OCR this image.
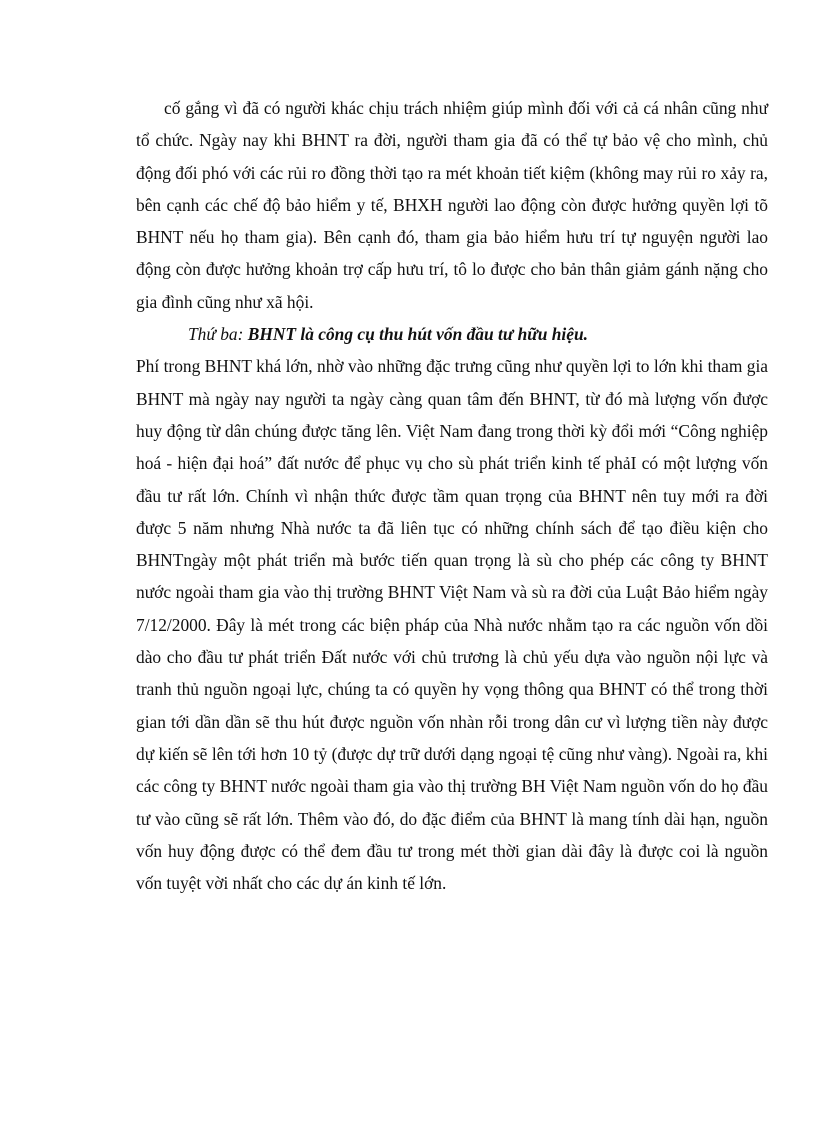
cố gắng vì đã có người khác chịu trách nhiệm giúp mình đối với cả cá nhân cũng như tổ chức. Ngày nay khi BHNT ra đời, người tham gia đã có thể tự bảo vệ cho mình, chủ động đối phó với các rủi ro đồng thời tạo ra mét khoản tiết kiệm (không may rủi ro xảy ra, bên cạnh các chế độ bảo hiểm y tế, BHXH người lao động còn được hưởng quyền lợi tõ BHNT nếu họ tham gia). Bên cạnh đó, tham gia bảo hiểm hưu trí tự nguyện người lao động còn được hưởng khoản trợ cấp hưu trí, tô lo được cho bản thân giảm gánh nặng cho gia đình cũng như xã hội.

Thứ ba: BHNT là công cụ thu hút vốn đầu tư hữu hiệu.

Phí trong BHNT khá lớn, nhờ vào những đặc trưng cũng như quyền lợi to lớn khi tham gia BHNT mà ngày nay người ta ngày càng quan tâm đến BHNT, từ đó mà lượng vốn được huy động từ dân chúng được tăng lên. Việt Nam đang trong thời kỳ đổi mới “Công nghiệp hoá - hiện đại hoá” đất nước để phục vụ cho sù phát triển kinh tế phảI có một lượng vốn đầu tư rất lớn. Chính vì nhận thức được tầm quan trọng của BHNT nên tuy mới ra đời được 5 năm nhưng Nhà nước ta đã liên tục có những chính sách để tạo điều kiện cho BHNTngày một phát triển mà bước tiến quan trọng là sù cho phép các công ty BHNT nước ngoài tham gia vào thị trường BHNT Việt Nam và sù ra đời của Luật Bảo hiểm ngày 7/12/2000. Đây là mét trong các biện pháp của Nhà nước nhằm tạo ra các nguồn vốn dồi dào cho đầu tư phát triển Đất nước với chủ trương là chủ yếu dựa vào nguồn nội lực và tranh thủ nguồn ngoại lực, chúng ta có quyền hy vọng thông qua BHNT có thể trong thời gian tới dần dần sẽ thu hút được nguồn vốn nhàn rỗi trong dân cư vì lượng tiền này được dự kiến sẽ lên tới hơn 10 tỷ (được dự trữ dưới dạng ngoại tệ cũng như vàng). Ngoài ra, khi các công ty BHNT nước ngoài tham gia vào thị trường BH Việt Nam nguồn vốn do họ đầu tư vào cũng sẽ rất lớn. Thêm vào đó, do đặc điểm của BHNT là mang tính dài hạn, nguồn vốn huy động được có thể đem đầu tư trong mét thời gian dài đây là được coi là nguồn vốn tuyệt vời nhất cho các dự án kinh tế lớn.
